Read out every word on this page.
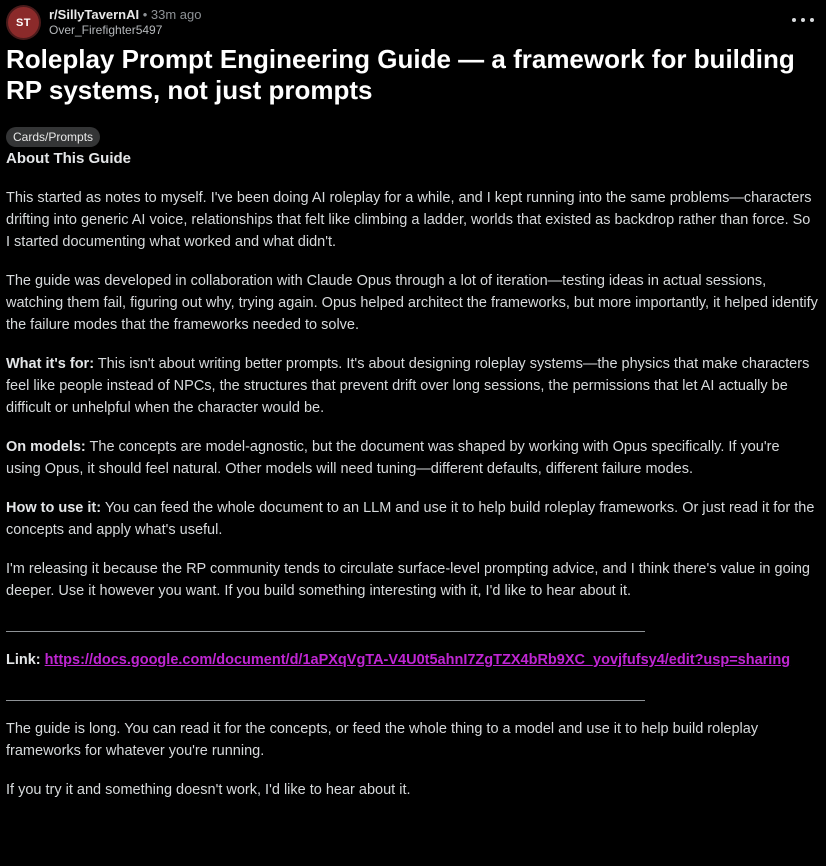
ST
r/SillyTavernAI • 33m ago
Over_Firefighter5497
Roleplay Prompt Engineering Guide — a framework for building RP systems, not just prompts
Cards/Prompts
About This Guide

This started as notes to myself. I've been doing AI roleplay for a while, and I kept running into the same problems—characters drifting into generic AI voice, relationships that felt like climbing a ladder, worlds that existed as backdrop rather than force. So I started documenting what worked and what didn't.

The guide was developed in collaboration with Claude Opus through a lot of iteration—testing ideas in actual sessions, watching them fail, figuring out why, trying again. Opus helped architect the frameworks, but more importantly, it helped identify the failure modes that the frameworks needed to solve.

What it's for: This isn't about writing better prompts. It's about designing roleplay systems—the physics that make characters feel like people instead of NPCs, the structures that prevent drift over long sessions, the permissions that let AI actually be difficult or unhelpful when the character would be.

On models: The concepts are model-agnostic, but the document was shaped by working with Opus specifically. If you're using Opus, it should feel natural. Other models will need tuning—different defaults, different failure modes.

How to use it: You can feed the whole document to an LLM and use it to help build roleplay frameworks. Or just read it for the concepts and apply what's useful.

I'm releasing it because the RP community tends to circulate surface-level prompting advice, and I think there's value in going deeper. Use it however you want. If you build something interesting with it, I'd like to hear about it.

Link: https://docs.google.com/document/d/1aPXqVgTA-V4U0t5ahnI7ZgTZX4bRb9XC_yovjfufsy4/edit?usp=sharing

The guide is long. You can read it for the concepts, or feed the whole thing to a model and use it to help build roleplay frameworks for whatever you're running.

If you try it and something doesn't work, I'd like to hear about it.
